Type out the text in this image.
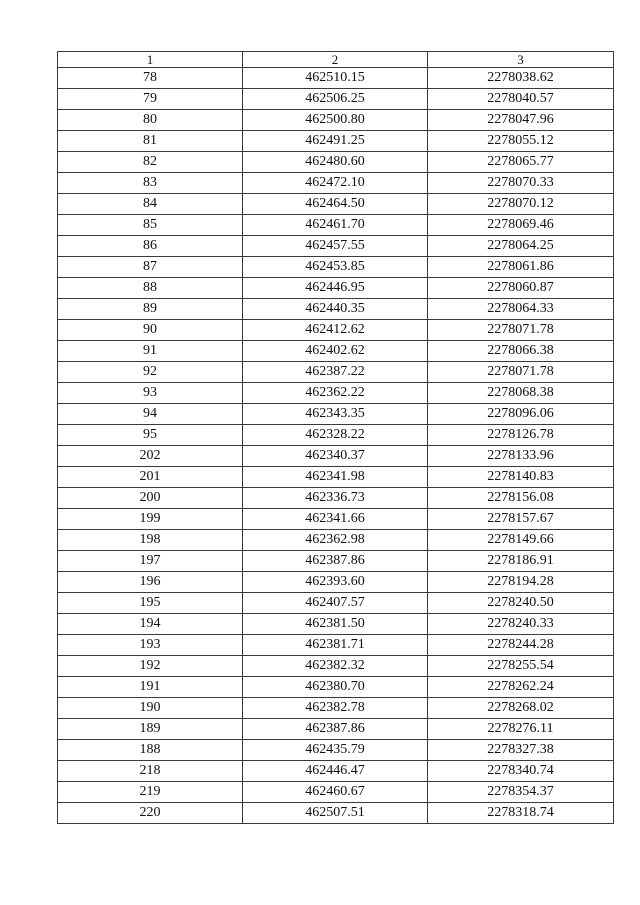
1	2	3
78	462510.15	2278038.62
79	462506.25	2278040.57
80	462500.80	2278047.96
81	462491.25	2278055.12
82	462480.60	2278065.77
83	462472.10	2278070.33
84	462464.50	2278070.12
85	462461.70	2278069.46
86	462457.55	2278064.25
87	462453.85	2278061.86
88	462446.95	2278060.87
89	462440.35	2278064.33
90	462412.62	2278071.78
91	462402.62	2278066.38
92	462387.22	2278071.78
93	462362.22	2278068.38
94	462343.35	2278096.06
95	462328.22	2278126.78
202	462340.37	2278133.96
201	462341.98	2278140.83
200	462336.73	2278156.08
199	462341.66	2278157.67
198	462362.98	2278149.66
197	462387.86	2278186.91
196	462393.60	2278194.28
195	462407.57	2278240.50
194	462381.50	2278240.33
193	462381.71	2278244.28
192	462382.32	2278255.54
191	462380.70	2278262.24
190	462382.78	2278268.02
189	462387.86	2278276.11
188	462435.79	2278327.38
218	462446.47	2278340.74
219	462460.67	2278354.37
220	462507.51	2278318.74
